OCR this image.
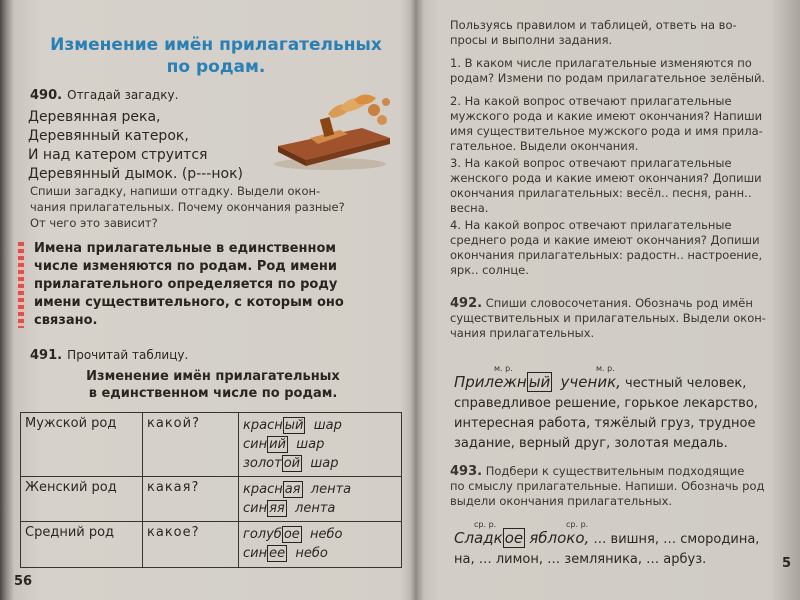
Изменение имён прилагательных
по родам.
490. Отгадай загадку.
Деревянная река,
Деревянный катерок,
И над катером струится
Деревянный дымок. (р---нок)
Спиши загадку, напиши отгадку. Выдели окон-
чания прилагательных. Почему окончания разные?
От чего это зависит?
Имена прилагательные в единственном
числе изменяются по родам. Род имени
прилагательного определяется по роду
имени существительного, с которым оно
связано.
491. Прочитай таблицу.
Изменение имён прилагательных
в единственном числе по родам.
Мужской род	какой?	красн ый шар
син ий шар
золот ой шар

Женский род	какая?	красн ая лента
син яя лента

Средний род	какое?	голуб ое небо
син ее небо
56
Пользуясь правилом и таблицей, ответь на во-
просы и выполни задания.
1. В каком числе прилагательные изменяются по
родам? Измени по родам прилагательное зелёный.
2. На какой вопрос отвечают прилагательные
мужского рода и какие имеют окончания? Напиши
имя существительное мужского рода и имя прила-
гательное. Выдели окончания.
3. На какой вопрос отвечают прилагательные
женского рода и какие имеют окончания? Допиши
окончания прилагательных: весёл.. песня, ранн..
весна.
4. На какой вопрос отвечают прилагательные
среднего рода и какие имеют окончания? Допиши
окончания прилагательных: радостн.. настроение,
ярк.. солнце.
492. Спиши словосочетания. Обозначь род имён
существительных и прилагательных. Выдели окон-
чания прилагательных.
м. р.	м. р.
Прилежн ый ученик, честный человек,
справедливое решение, горькое лекарство,
интересная работа, тяжёлый груз, трудное
задание, верный друг, золотая медаль.
493. Подбери к существительным подходящие
по смыслу прилагательные. Напиши. Обозначь род
выдели окончания прилагательных.
ср. р.	ср. р.
Сладк ое яблоко, … вишня, … смородина,
на, … лимон, … земляника, … арбуз.	5
